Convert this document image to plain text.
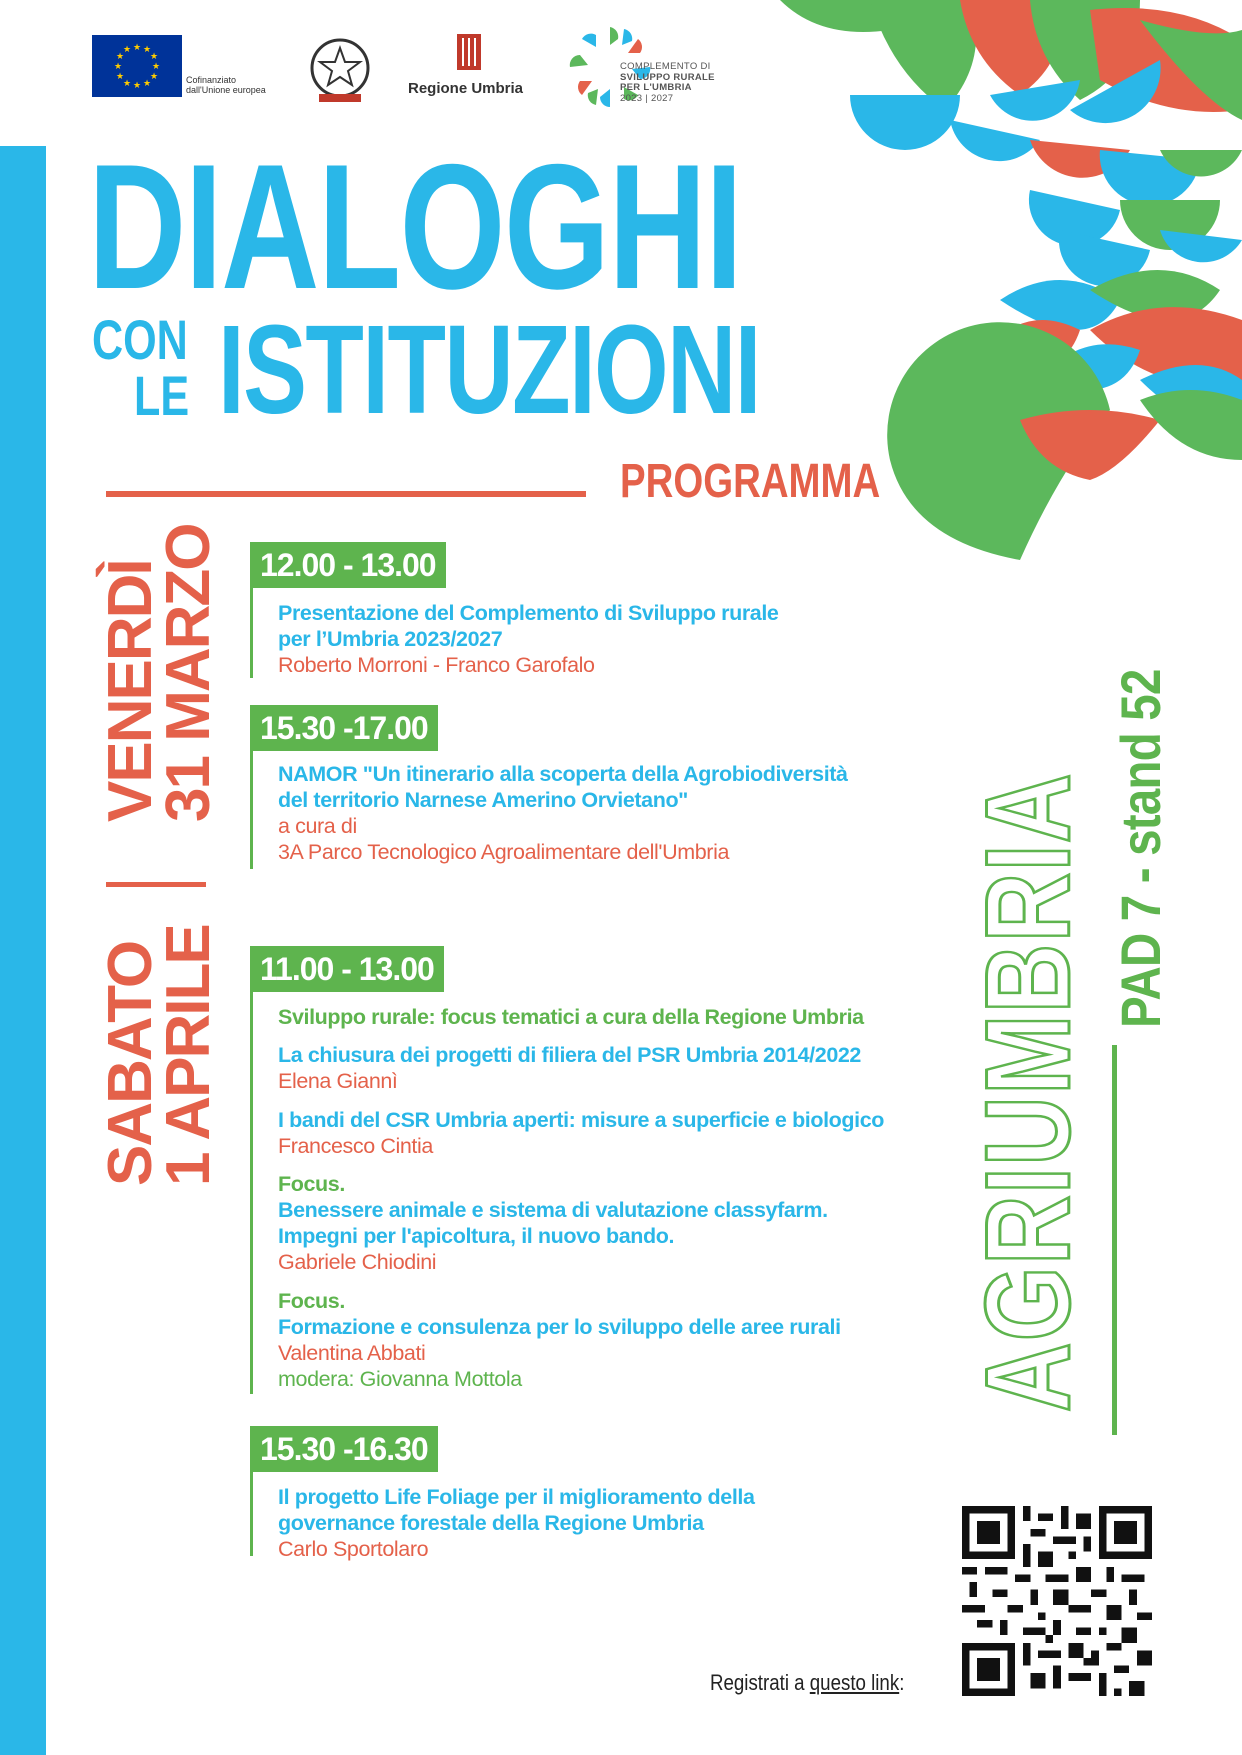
★ ★
★
★
★
★
★
★
★
★
★
★
Cofinanziato
dall'Unione europea	Regione Umbria
COMPLEMENTO DI
SVILUPPO RURALE
PER L'UMBRIA
2023 | 2027
DIALOGHI
CON
LE ISTITUZIONI
PROGRAMMA
VENERDÌ
31 MARZO
SABATO
1 APRILE
12.00 - 13.00
Presentazione del Complemento di Sviluppo rurale
per l’Umbria 2023/2027
Roberto Morroni - Franco Garofalo
15.30 -17.00
NAMOR "Un itinerario alla scoperta della Agrobiodiversità
del territorio Narnese Amerino Orvietano"
a cura di
3A Parco Tecnologico Agroalimentare dell'Umbria
11.00 - 13.00
Sviluppo rurale: focus tematici a cura della Regione Umbria
La chiusura dei progetti di filiera del PSR Umbria 2014/2022
Elena Giannì
I bandi del CSR Umbria aperti: misure a superficie e biologico
Francesco Cintia
Focus.
Benessere animale e sistema di valutazione classyfarm.
Impegni per l'apicoltura, il nuovo bando.
Gabriele Chiodini
Focus.
Formazione e consulenza per lo sviluppo delle aree rurali
Valentina Abbati
modera: Giovanna Mottola
15.30 -16.30
Il progetto Life Foliage per il miglioramento della
governance forestale della Regione Umbria
Carlo Sportolaro
AGRIUMBRIA PAD 7 - stand 52
Registrati a questo link:
